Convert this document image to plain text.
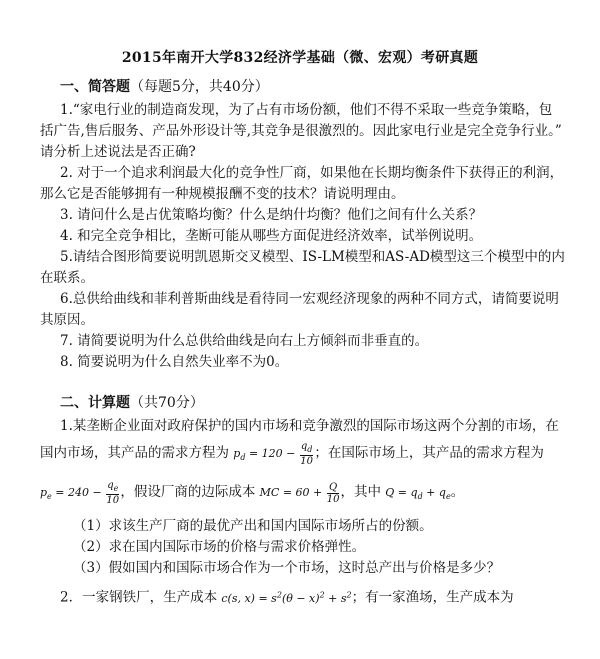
2015年南开大学832经济学基础（微、宏观）考研真题
一、简答题（每题5分，共40分）
1.“家电行业的制造商发现，为了占有市场份额，他们不得不采取一些竞争策略，包
括广告,售后服务、产品外形设计等,其竞争是很激烈的。因此家电行业是完全竞争行业。”
请分析上述说法是否正确?
2. 对于一个追求利润最大化的竞争性厂商，如果他在长期均衡条件下获得正的利润，
那么它是否能够拥有一种规模报酬不变的技术？请说明理由。
3. 请问什么是占优策略均衡？什么是纳什均衡？他们之间有什么关系？
4. 和完全竞争相比，垄断可能从哪些方面促进经济效率，试举例说明。
5.请结合图形简要说明凯恩斯交叉模型、IS-LM模型和AS-AD模型这三个模型中的内
在联系。
6.总供给曲线和菲利普斯曲线是看待同一宏观经济现象的两种不同方式，请简要说明
其原因。
7. 请简要说明为什么总供给曲线是向右上方倾斜而非垂直的。
8. 简要说明为什么自然失业率不为0。
二、计算题（共70分）
1.某垄断企业面对政府保护的国内市场和竞争激烈的国际市场这两个分割的市场，在
国内市场，其产品的需求方程为 $p_d = 120 - \frac{q_d}{10}$ ；在国际市场上，其产品的需求方程为
$p_e = 240 - \frac{q_e}{10}$ ，假设厂商的边际成本 MC = $60 + \frac{Q}{10}$ ，其中 $Q = q_d + q_e$。
（1）求该生产厂商的最优产出和国内国际市场所占的份额。
（2）求在国内国际市场的价格与需求价格弹性。
（3）假如国内和国际市场合作为一个市场，这时总产出与价格是多少？
2．一家钢铁厂，生产成本 c(s, $x) = s^2(\theta - x)^2 + s^2$；有一家渔场，生产成本为
